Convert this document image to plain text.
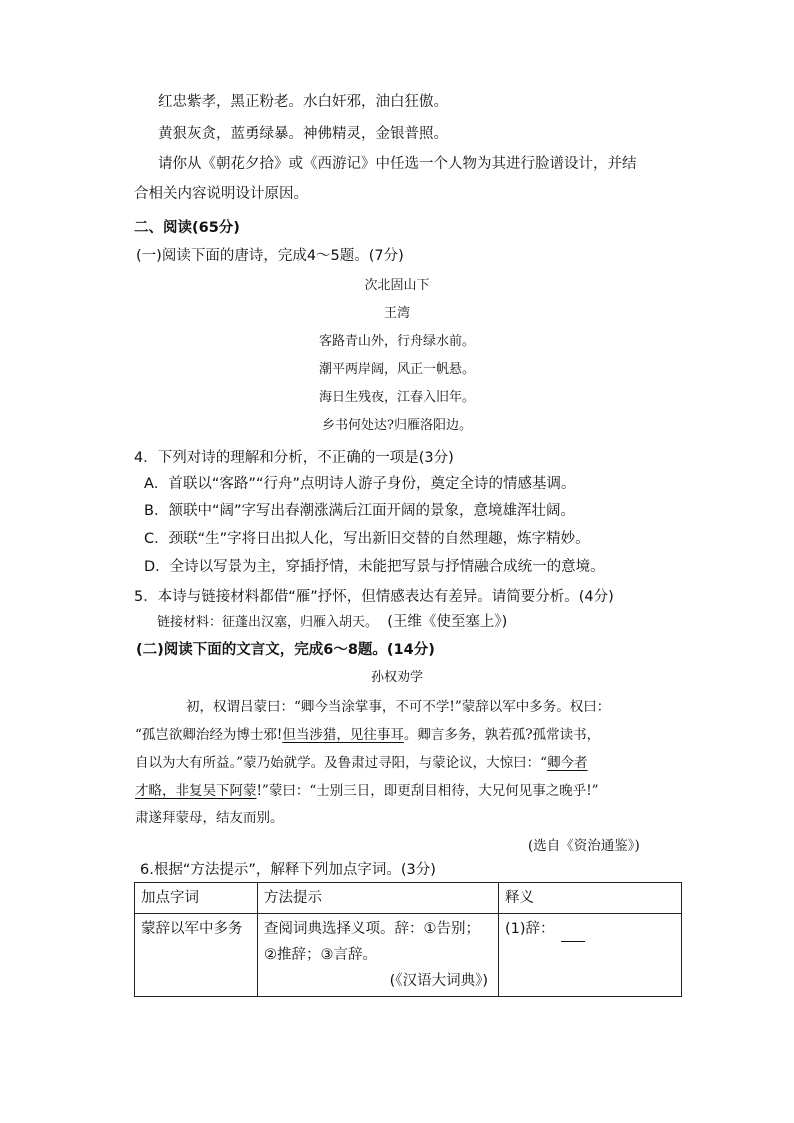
红忠紫孝，黑正粉老。水白奸邪，油白狂傲。
黄狠灰贪，蓝勇绿暴。神佛精灵，金银普照。
请你从《朝花夕拾》或《西游记》中任选一个人物为其进行脸谱设计，并结
合相关内容说明设计原因。
二、阅读(65分)
(一)阅读下面的唐诗，完成4～5题。(7分)
次北固山下
王湾
客路青山外，行舟绿水前。
潮平两岸阔，风正一帆悬。
海日生残夜，江春入旧年。
乡书何处达?归雁洛阳边。
4．下列对诗的理解和分析，不正确的一项是(3分)
A．首联以“客路”“行舟”点明诗人游子身份，奠定全诗的情感基调。
B．颔联中“阔”字写出春潮涨满后江面开阔的景象，意境雄浑壮阔。
C．颈联“生”字将日出拟人化，写出新旧交替的自然理趣，炼字精妙。
D．全诗以写景为主，穿插抒情，未能把写景与抒情融合成统一的意境。
5．本诗与链接材料都借“雁”抒怀，但情感表达有差异。请简要分析。(4分)
链接材料：征蓬出汉塞，归雁入胡天。 (王维《使至塞上》)
(二)阅读下面的文言文，完成6～8题。(14分)
孙权劝学
初，权谓吕蒙曰：“卿今当涂掌事，不可不学!”蒙辞以军中多务。权曰：
“孤岂欲卿治经为博士邪!但当涉猎，见往事耳。卿言多务，孰若孤?孤常读书，
自以为大有所益。”蒙乃始就学。及鲁肃过寻阳，与蒙论议，大惊曰：“卿今者
才略，非复吴下阿蒙!”蒙曰：“士别三日，即更刮目相待，大兄何见事之晚乎!”
肃遂拜蒙母，结友而别。
(选自《资治通鉴》)
6.根据“方法提示”，解释下列加点字词。(3分)
加点字词	方法提示	释义
蒙辞以军中多务	查阅词典选择义项。辞：①告别；
②推辞；③言辞。
(《汉语大词典》)	(1)辞：
